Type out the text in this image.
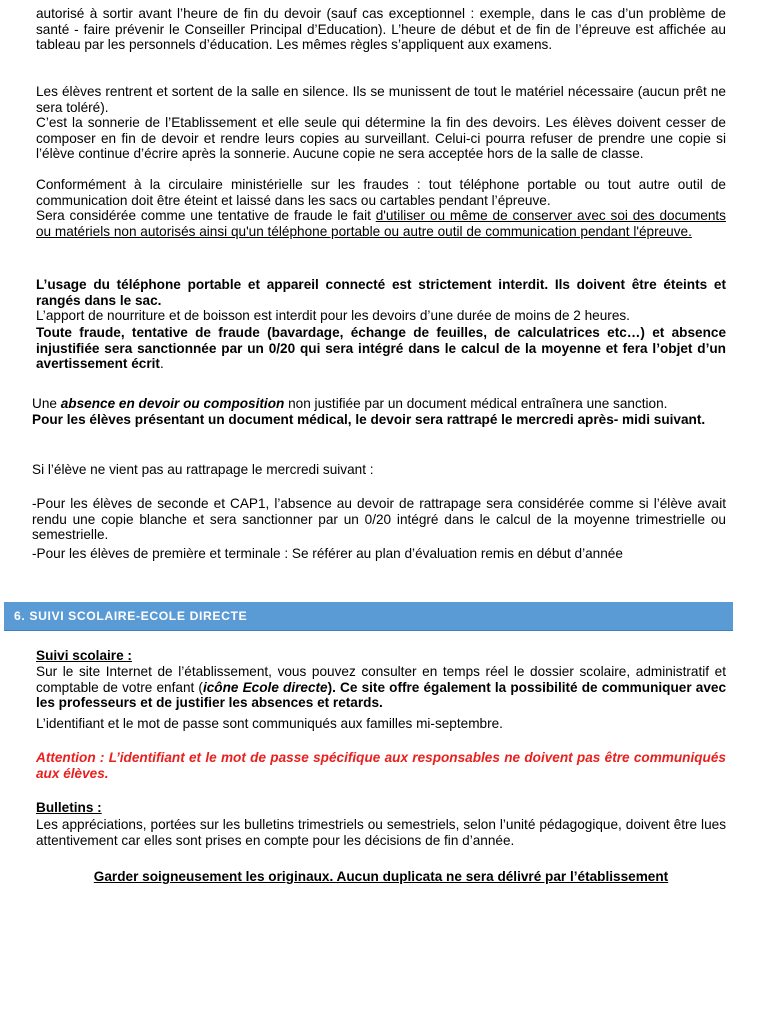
autorisé à sortir avant l’heure de fin du devoir (sauf cas exceptionnel : exemple, dans le cas d’un problème de santé - faire prévenir le Conseiller Principal d’Education). L’heure de début et de fin de l’épreuve est affichée au tableau par les personnels d’éducation. Les mêmes règles s’appliquent aux examens.

Les élèves rentrent et sortent de la salle en silence. Ils se munissent de tout le matériel nécessaire (aucun prêt ne sera toléré).

C’est la sonnerie de l’Etablissement et elle seule qui détermine la fin des devoirs. Les élèves doivent cesser de composer en fin de devoir et rendre leurs copies au surveillant. Celui-ci pourra refuser de prendre une copie si l’élève continue d’écrire après la sonnerie. Aucune copie ne sera acceptée hors de la salle de classe.

Conformément à la circulaire ministérielle sur les fraudes : tout téléphone portable ou tout autre outil de communication doit être éteint et laissé dans les sacs ou cartables pendant l’épreuve.

Sera considérée comme une tentative de fraude le fait d'utiliser ou même de conserver avec soi des documents ou matériels non autorisés ainsi qu'un téléphone portable ou autre outil de communication pendant l'épreuve.

L’usage du téléphone portable et appareil connecté est strictement interdit. Ils doivent être éteints et rangés dans le sac.

L’apport de nourriture et de boisson est interdit pour les devoirs d’une durée de moins de 2 heures.

Toute fraude, tentative de fraude (bavardage, échange de feuilles, de calculatrices etc…) et absence injustifiée sera sanctionnée par un 0/20 qui sera intégré dans le calcul de la moyenne et fera l’objet d’un avertissement écrit.

Une absence en devoir ou composition non justifiée par un document médical entraînera une sanction.

Pour les élèves présentant un document médical, le devoir sera rattrapé le mercredi après- midi suivant.

Si l’élève ne vient pas au rattrapage le mercredi suivant :

-Pour les élèves de seconde et CAP1, l’absence au devoir de rattrapage sera considérée comme si l’élève avait rendu une copie blanche et sera sanctionner par un 0/20 intégré dans le calcul de la moyenne trimestrielle ou semestrielle.

-Pour les élèves de première et terminale : Se référer au plan d’évaluation remis en début d’année

6. SUIVI SCOLAIRE-ECOLE DIRECTE

Suivi scolaire :

Sur le site Internet de l’établissement, vous pouvez consulter en temps réel le dossier scolaire, administratif et comptable de votre enfant (icône Ecole directe). Ce site offre également la possibilité de communiquer avec les professeurs et de justifier les absences et retards.

L’identifiant et le mot de passe sont communiqués aux familles mi-septembre.

Attention : L’identifiant et le mot de passe spécifique aux responsables ne doivent pas être communiqués aux élèves.

Bulletins :

Les appréciations, portées sur les bulletins trimestriels ou semestriels, selon l’unité pédagogique, doivent être lues attentivement car elles sont prises en compte pour les décisions de fin d’année.

Garder soigneusement les originaux. Aucun duplicata ne sera délivré par l’établissement
